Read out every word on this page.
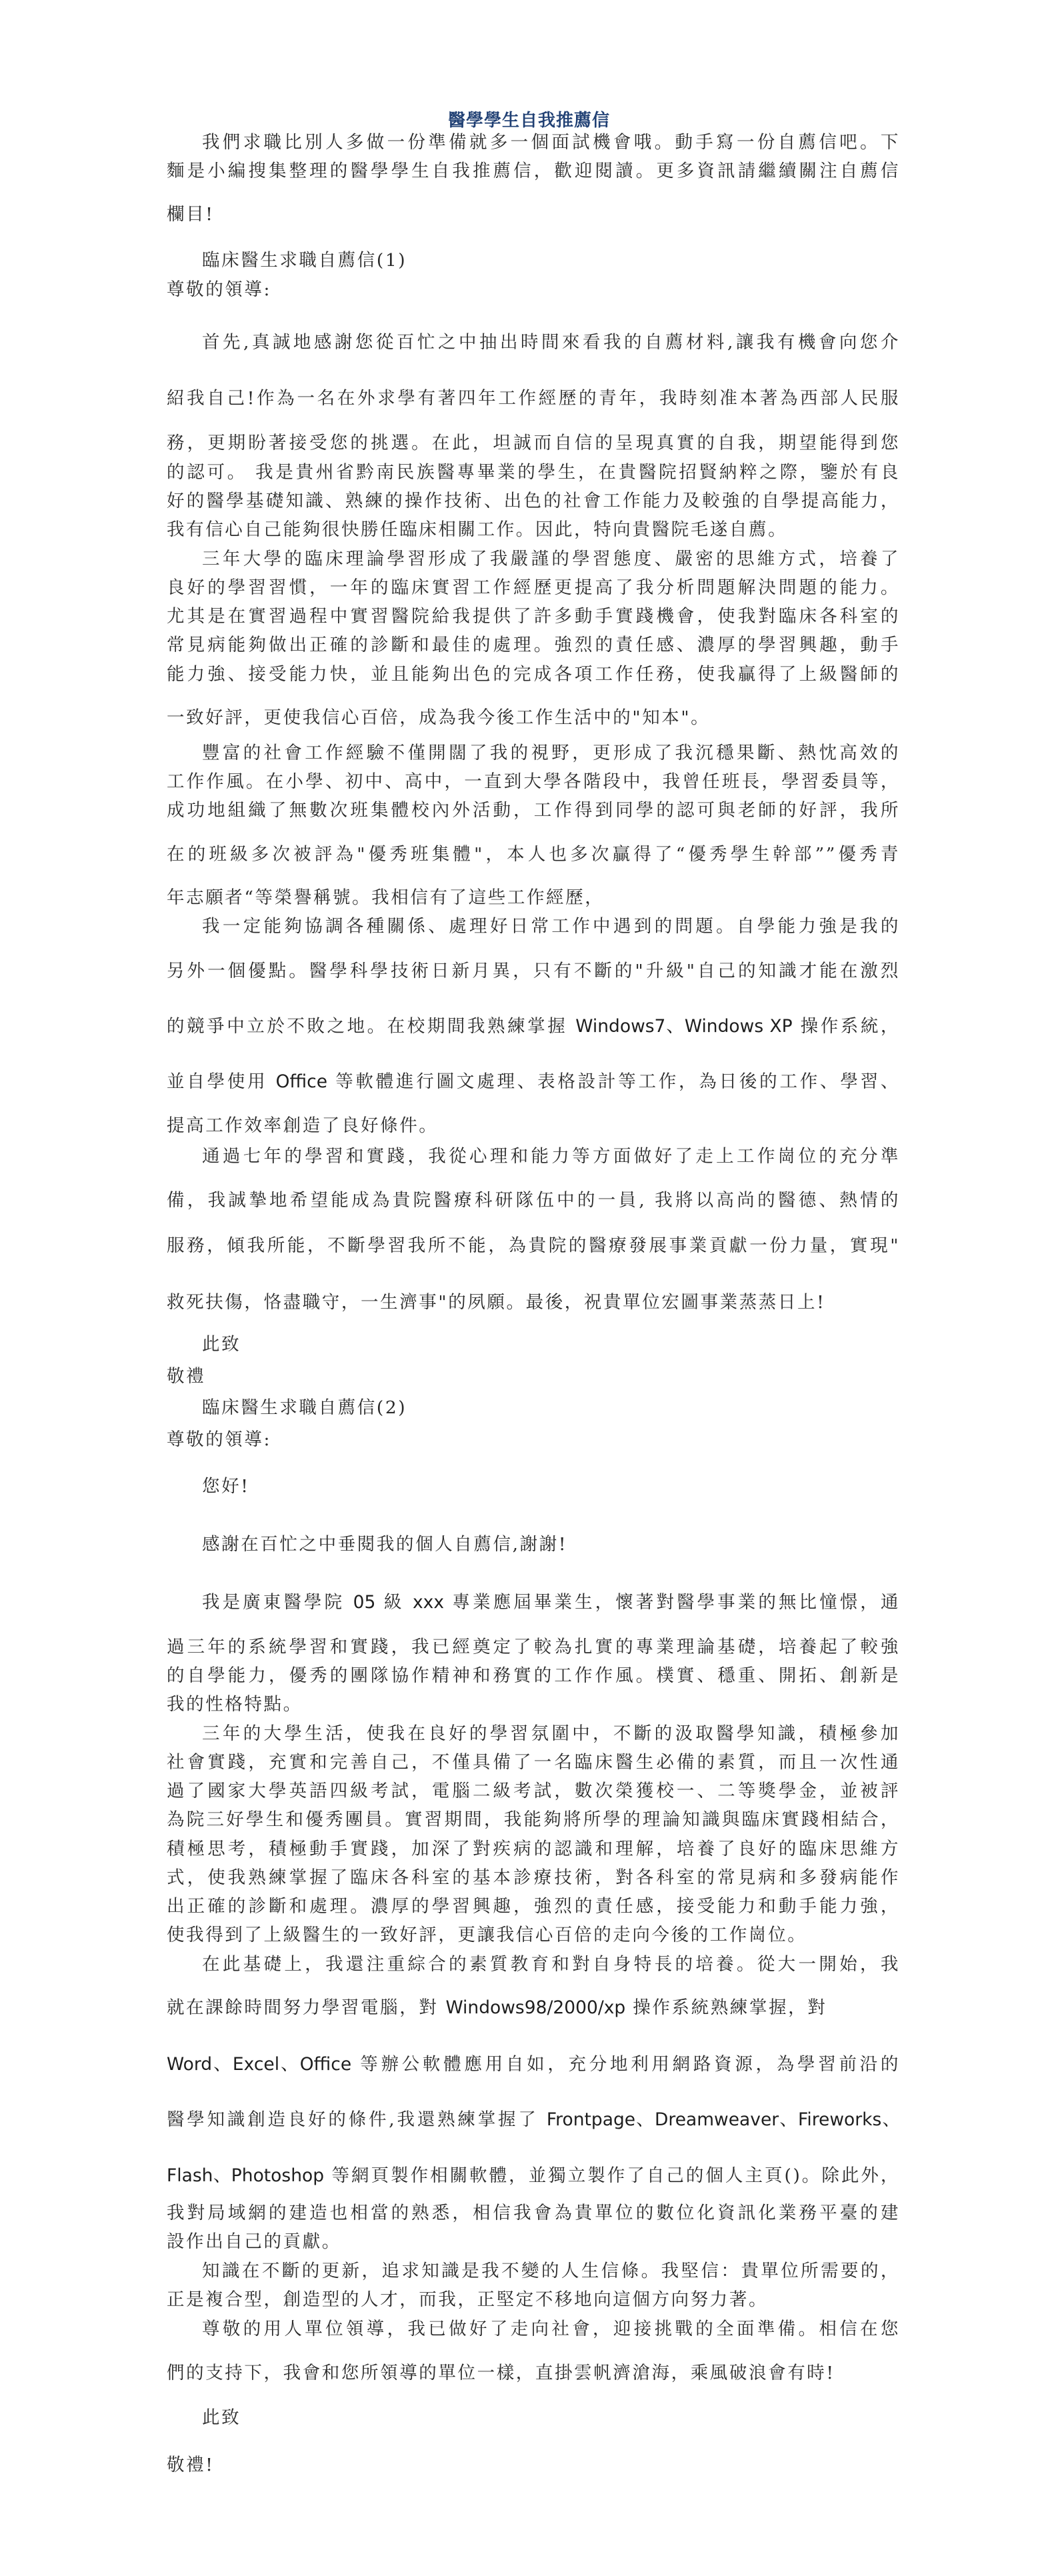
醫學學生自我推薦信
我們求職比別人多做一份準備就多一個面試機會哦。動手寫一份自薦信吧。下
麵是小編搜集整理的醫學學生自我推薦信，歡迎閱讀。更多資訊請繼續關注自薦信
欄目!
臨床醫生求職自薦信(1)
尊敬的領導:
首先,真誠地感謝您從百忙之中抽出時間來看我的自薦材料,讓我有機會向您介
紹我自己!作為一名在外求學有著四年工作經歷的青年，我時刻准本著為西部人民服
務，更期盼著接受您的挑選。在此，坦誠而自信的呈現真實的自我，期望能得到您
的認可。 我是貴州省黔南民族醫專畢業的學生，在貴醫院招賢納粹之際，鑒於有良
好的醫學基礎知識、熟練的操作技術、出色的社會工作能力及較強的自學提高能力，
我有信心自己能夠很快勝任臨床相關工作。因此，特向貴醫院毛遂自薦。
三年大學的臨床理論學習形成了我嚴謹的學習態度、嚴密的思維方式，培養了
良好的學習習慣，一年的臨床實習工作經歷更提高了我分析問題解決問題的能力。
尤其是在實習過程中實習醫院給我提供了許多動手實踐機會，使我對臨床各科室的
常見病能夠做出正確的診斷和最佳的處理。強烈的責任感、濃厚的學習興趣，動手
能力強、接受能力快，並且能夠出色的完成各項工作任務，使我贏得了上級醫師的
一致好評，更使我信心百倍，成為我今後工作生活中的"知本"。
豐富的社會工作經驗不僅開闊了我的視野，更形成了我沉穩果斷、熱忱高效的
工作作風。在小學、初中、高中，一直到大學各階段中，我曾任班長，學習委員等，
成功地組織了無數次班集體校內外活動，工作得到同學的認可與老師的好評，我所
在的班級多次被評為"優秀班集體"，本人也多次贏得了“優秀學生幹部””優秀青
年志願者“等榮譽稱號。我相信有了這些工作經歷，
我一定能夠協調各種關係、處理好日常工作中遇到的問題。自學能力強是我的
另外一個優點。醫學科學技術日新月異，只有不斷的"升級"自己的知識才能在激烈
的競爭中立於不敗之地。在校期間我熟練掌握 Windows7、Windows XP 操作系統，
並自學使用 Office 等軟體進行圖文處理、表格設計等工作，為日後的工作、學習、
提高工作效率創造了良好條件。
通過七年的學習和實踐，我從心理和能力等方面做好了走上工作崗位的充分準
備，我誠摯地希望能成為貴院醫療科研隊伍中的一員, 我將以高尚的醫德、熱情的
服務，傾我所能，不斷學習我所不能，為貴院的醫療發展事業貢獻一份力量，實現"
救死扶傷，恪盡職守，一生濟事"的夙願。最後，祝貴單位宏圖事業蒸蒸日上!
此致
敬禮
臨床醫生求職自薦信(2)
尊敬的領導:
您好!
感謝在百忙之中垂閱我的個人自薦信,謝謝!
我是廣東醫學院 05 級 xxx 專業應屆畢業生，懷著對醫學事業的無比憧憬，通
過三年的系統學習和實踐，我已經奠定了較為扎實的專業理論基礎，培養起了較強
的自學能力，優秀的團隊協作精神和務實的工作作風。樸實、穩重、開拓、創新是
我的性格特點。
三年的大學生活，使我在良好的學習氛圍中，不斷的汲取醫學知識，積極參加
社會實踐，充實和完善自己，不僅具備了一名臨床醫生必備的素質，而且一次性通
過了國家大學英語四級考試，電腦二級考試，數次榮獲校一、二等獎學金，並被評
為院三好學生和優秀團員。實習期間，我能夠將所學的理論知識與臨床實踐相結合，
積極思考，積極動手實踐，加深了對疾病的認識和理解，培養了良好的臨床思維方
式，使我熟練掌握了臨床各科室的基本診療技術，對各科室的常見病和多發病能作
出正確的診斷和處理。濃厚的學習興趣，強烈的責任感，接受能力和動手能力強，
使我得到了上級醫生的一致好評，更讓我信心百倍的走向今後的工作崗位。
在此基礎上，我還注重綜合的素質教育和對自身特長的培養。從大一開始，我
就在課餘時間努力學習電腦，對 Windows98/2000/xp 操作系統熟練掌握，對
Word、Excel、Office 等辦公軟體應用自如，充分地利用網路資源，為學習前沿的
醫學知識創造良好的條件,我還熟練掌握了 Frontpage、Dreamweaver、Fireworks、
Flash、Photoshop 等網頁製作相關軟體，並獨立製作了自己的個人主頁()。除此外，
我對局域網的建造也相當的熟悉，相信我會為貴單位的數位化資訊化業務平臺的建
設作出自己的貢獻。
知識在不斷的更新，追求知識是我不變的人生信條。我堅信：貴單位所需要的，
正是複合型，創造型的人才，而我，正堅定不移地向這個方向努力著。
尊敬的用人單位領導，我已做好了走向社會，迎接挑戰的全面準備。相信在您
們的支持下，我會和您所領導的單位一樣，直掛雲帆濟滄海，乘風破浪會有時!
此致
敬禮!
